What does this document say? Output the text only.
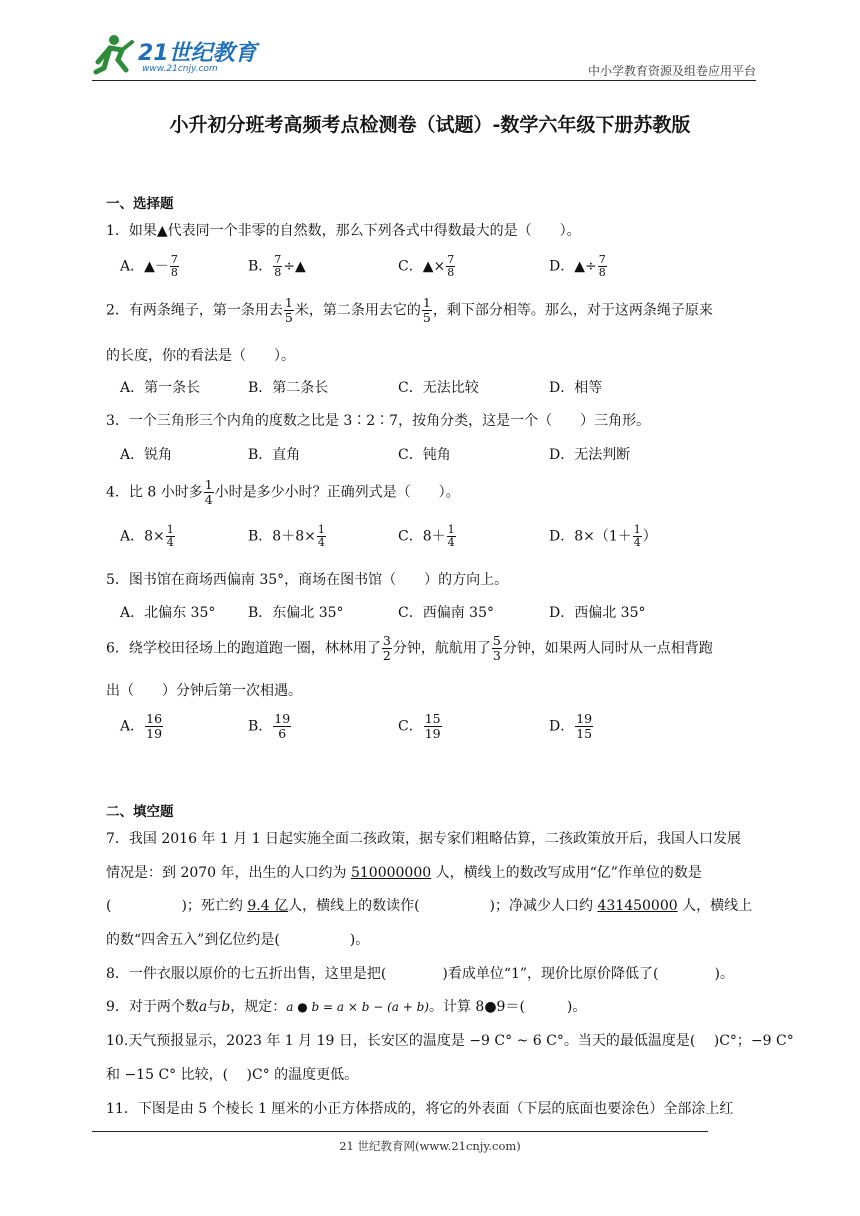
21世纪教育
www.21cnjy.com	中小学教育资源及组卷应用平台
小升初分班考高频考点检测卷（试题）-数学六年级下册苏教版
一、选择题
1．如果▲代表同一个非零的自然数，那么下列各式中得数最大的是（　　）。
A．▲－ $\frac{7}{8}$	B． $\frac{7}{8}$ ÷▲	C．▲× $\frac{7}{8}$	D．▲÷ $\frac{7}{8}$
2．有两条绳子，第一条用去 $\frac{1}{5}$ 米，第二条用去它的 $\frac{1}{5}$ ，剩下部分相等。那么，对于这两条绳子原来
的长度，你的看法是（　　）。
A．第一条长	B．第二条长	C．无法比较	D．相等
3．一个三角形三个内角的度数之比是 3∶2∶7，按角分类，这是一个（　　）三角形。
A．锐角	B．直角	C．钝角	D．无法判断
4．比 8 小时多 $\frac{1}{4}$ 小时是多少小时？正确列式是（　　）。
A．$8\times \frac{1}{4}$	B．$8+8\times \frac{1}{4}$	C．$8+ \frac{1}{4}$	D．$8\times(1+ \frac{1}{4}$ ）
5．图书馆在商场西偏南 35°，商场在图书馆（　　）的方向上。
A．北偏东 35° B．东偏北 35°	C．西偏南 35°	D．西偏北 35°
6．绕学校田径场上的跑道跑一圈，林林用了 $\frac{3}{2}$ 分钟，航航用了 $\frac{5}{3}$ 分钟，如果两人同时从一点相背跑
出（　　）分钟后第一次相遇。
A． $\frac{16}{19}$	B． $\frac{19}{6}$	C． $\frac{15}{19}$	D． $\frac{19}{15}$
二、填空题
7．我国 2016 年 1 月 1 日起实施全面二孩政策，据专家们粗略估算，二孩政策放开后，我国人口发展
情况是：到 2070 年，出生的人口约为 510000000 人，横线上的数改写成用“亿”作单位的数是
(　　　　　)；死亡约 9.4 亿人，横线上的数读作(　　　　　)；净减少人口约 431450000 人，横线上
的数“四舍五入”到亿位约是(　　　　　)。
8．一件衣服以原价的七五折出售，这里是把(　　　　)看成单位“1”，现价比原价降低了(　　　　)。
9．对于两个数a与b，规定：a ● b = a × b − (a + b)。计算 8●9＝(　　　)。
10.天气预报显示，2023 年 1 月 19 日，长安区的温度是 −9 C° ~ 6 C°。当天的最低温度是(　 )C°；−9 C°
和 −15 C° 比较，(　 )C° 的温度更低。
11．下图是由 5 个棱长 1 厘米的小正方体搭成的，将它的外表面（下层的底面也要涂色）全部涂上红
21 世纪教育网(www.21cnjy.com)
